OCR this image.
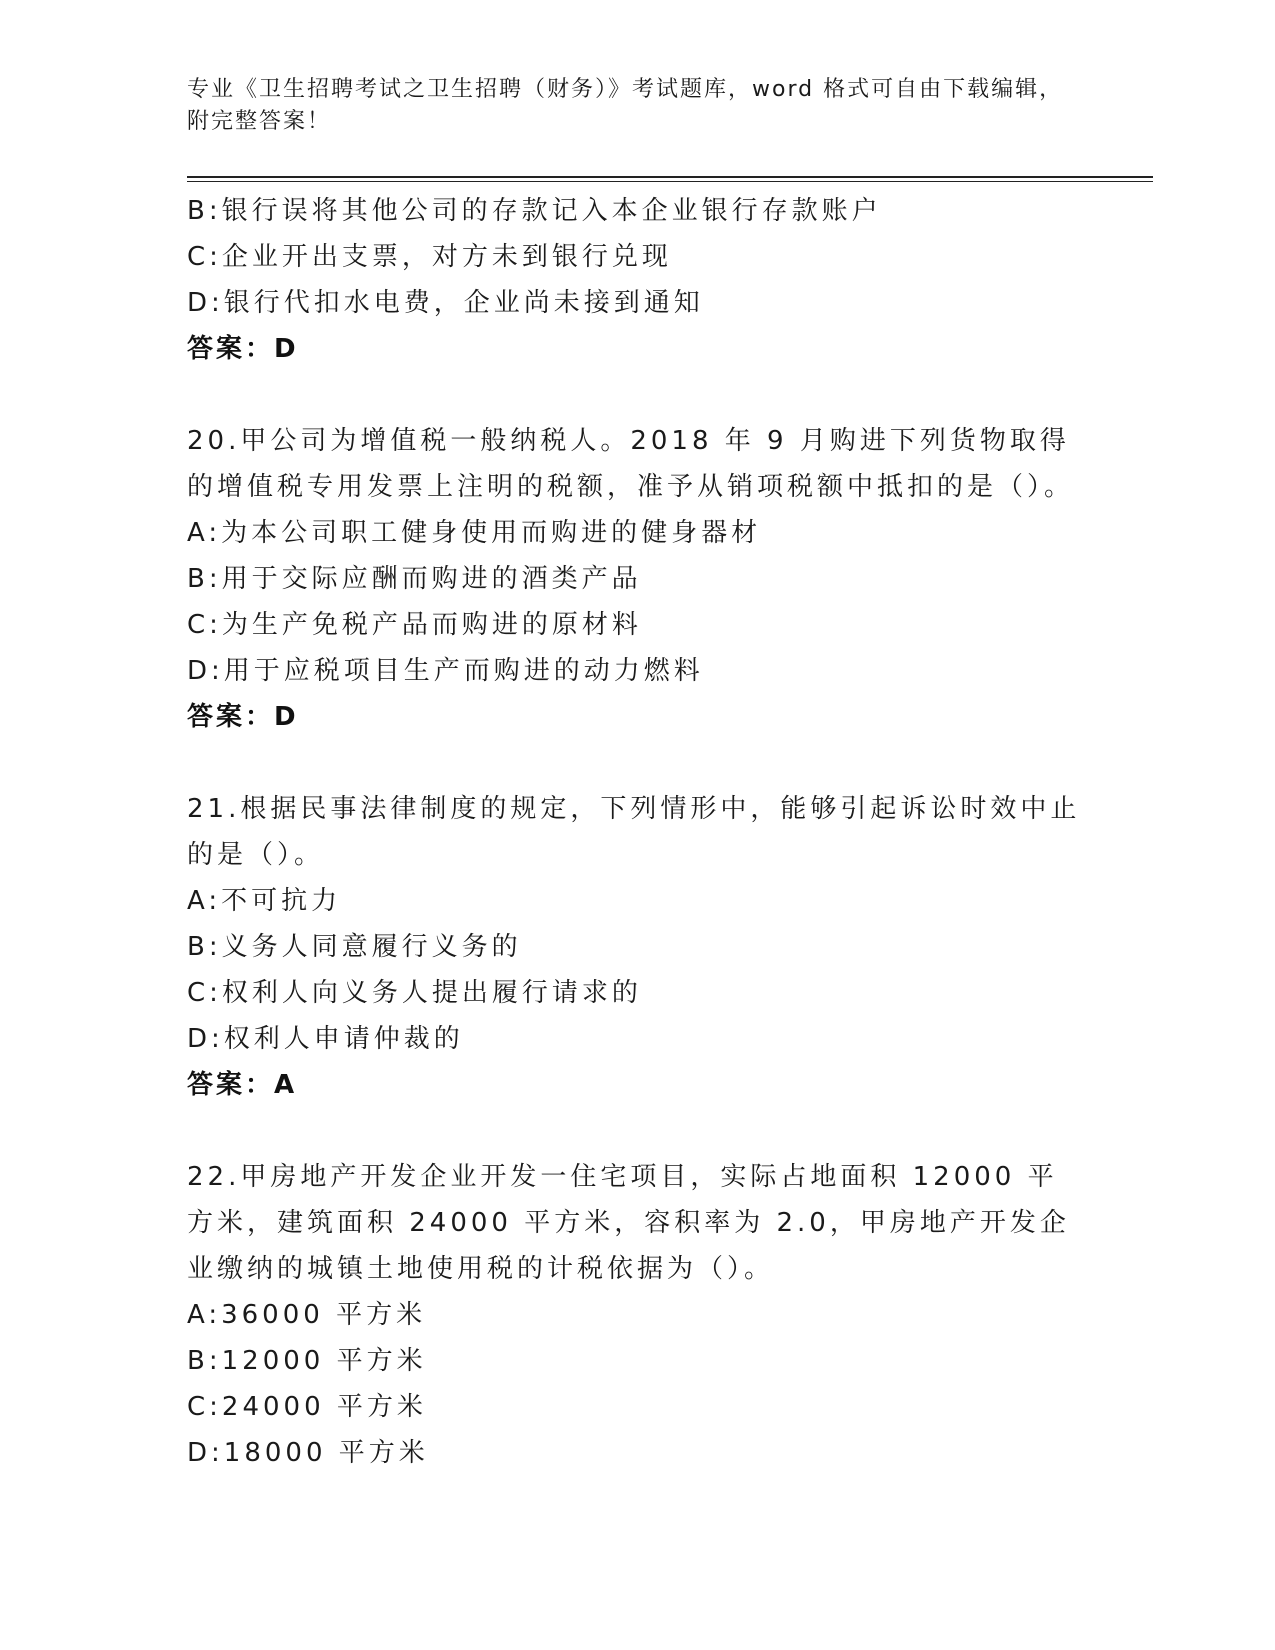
专业《卫生招聘考试之卫生招聘（财务）》考试题库，word 格式可自由下载编辑，附完整答案！
B: 银行误将其他公司的存款记入本企业银行存款账户
C: 企业开出支票，对方未到银行兑现
D: 银行代扣水电费，企业尚未接到通知
答案：D
20.甲公司为增值税一般纳税人。2018 年 9 月购进下列货物取得的增值税专用发票上注明的税额，准予从销项税额中抵扣的是（）。
A: 为本公司职工健身使用而购进的健身器材
B: 用于交际应酬而购进的酒类产品
C: 为生产免税产品而购进的原材料
D: 用于应税项目生产而购进的动力燃料
答案：D
21.根据民事法律制度的规定，下列情形中，能够引起诉讼时效中止的是（）。
A: 不可抗力
B: 义务人同意履行义务的
C: 权利人向义务人提出履行请求的
D: 权利人申请仲裁的
答案：A
22.甲房地产开发企业开发一住宅项目，实际占地面积 12000 平方米，建筑面积 24000 平方米，容积率为 2.0，甲房地产开发企业缴纳的城镇土地使用税的计税依据为（）。
A: 36000 平方米
B: 12000 平方米
C: 24000 平方米
D: 18000 平方米
